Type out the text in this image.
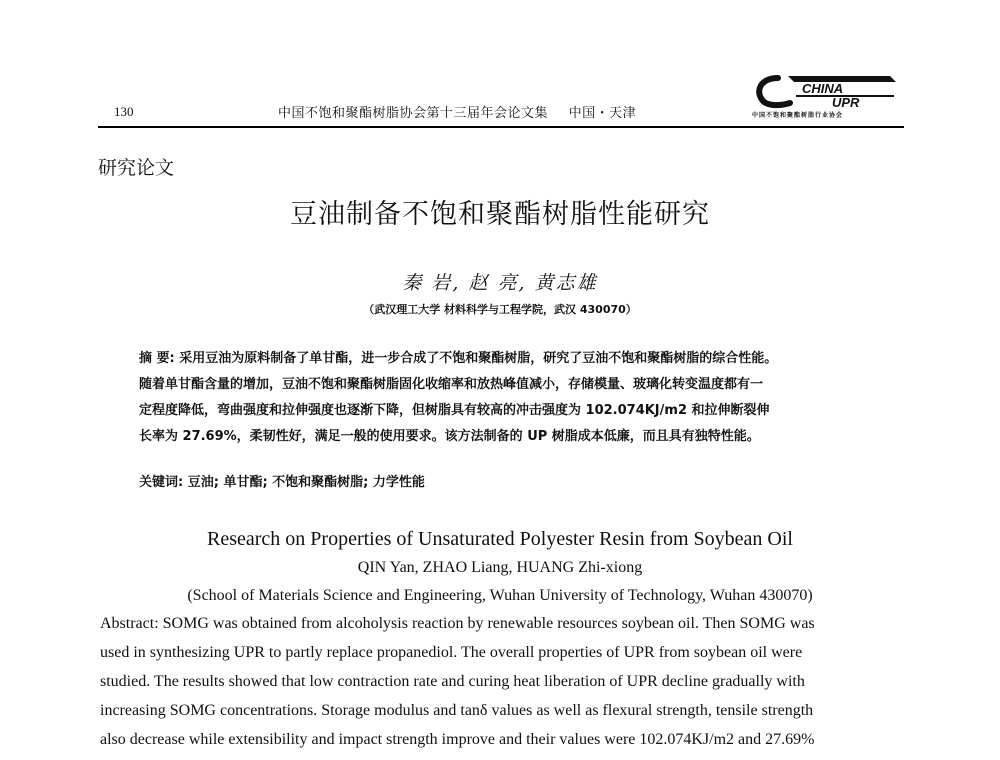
130	中国不饱和聚酯树脂协会第十三届年会论文集 中国・天津
CHINA
UPR
中国不饱和聚酯树脂行业协会
研究论文
豆油制备不饱和聚酯树脂性能研究
秦 岩, 赵 亮, 黄志雄
（武汉理工大学 材料科学与工程学院，武汉 430070）

摘 要: 采用豆油为原料制备了单甘酯，进一步合成了不饱和聚酯树脂，研究了豆油不饱和聚酯树脂的综合性能。
随着单甘酯含量的增加，豆油不饱和聚酯树脂固化收缩率和放热峰值减小，存储模量、玻璃化转变温度都有一
定程度降低，弯曲强度和拉伸强度也逐渐下降，但树脂具有较高的冲击强度为 102.074KJ/m2 和拉伸断裂伸
长率为 27.69%，柔韧性好，满足一般的使用要求。该方法制备的 UP 树脂成本低廉，而且具有独特性能。

关键词: 豆油; 单甘酯; 不饱和聚酯树脂; 力学性能
Research on Properties of Unsaturated Polyester Resin from Soybean Oil
QIN Yan, ZHAO Liang, HUANG Zhi-xiong
(School of Materials Science and Engineering, Wuhan University of Technology, Wuhan 430070)
Abstract: SOMG was obtained from alcoholysis reaction by renewable resources soybean oil. Then SOMG was
used in synthesizing UPR to partly replace propanediol. The overall properties of UPR from soybean oil were
studied. The results showed that low contraction rate and curing heat liberation of UPR decline gradually with
increasing SOMG concentrations. Storage modulus and tanδ values as well as flexural strength, tensile strength
also decrease while extensibility and impact strength improve and their values were 102.074KJ/m2 and 27.69%
